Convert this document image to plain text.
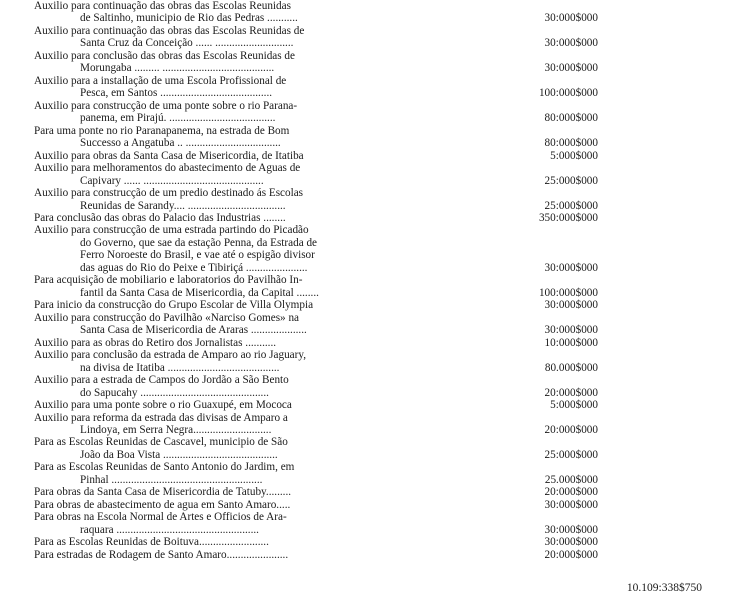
Auxilio para continuação das obras das Escolas Reunidas
de Saltinho, municipio de Rio das Pedras ...........	30:000$000
Auxilio para continuação das obras das Escolas Reunidas de
Santa Cruz da Conceição ...... ............................	30:000$000
Auxilio para conclusão das obras das Escolas Reunidas de
Morungaba ......... ........................................	30:000$000
Auxilio para a installação de uma Escola Profissional de
Pesca, em Santos ........................................	100:000$000
Auxilio para construcção de uma ponte sobre o rio Parana-
panema, em Pirajú. ......................................	80:000$000
Para uma ponte no rio Paranapanema, na estrada de Bom
Successo a Angatuba .. ..................................	80:000$000
Auxilio para obras da Santa Casa de Misericordia, de Itatiba	5:000$000
Auxilio para melhoramentos do abastecimento de Aguas de
Capivary ...... ...........................................	25:000$000
Auxilio para construcção de um predio destinado ás Escolas
Reunidas de Sarandy.... ...................................	25:000$000
Para conclusão das obras do Palacio das Industrias ........	350:000$000
Auxilio para construcção de uma estrada partindo do Picadão
do Governo, que sae da estação Penna, da Estrada de
Ferro Noroeste do Brasil, e vae até o espigão divisor
das aguas do Rio do Peixe e Tibiriçá ......................	30:000$000
Para acquisição de mobiliario e laboratorios do Pavilhão In-
fantil da Santa Casa de Misericordia, da Capital ........	100:000$000
Para inicio da construcção do Grupo Escolar de Villa Olympia	30:000$000
Auxilio para construcção do Pavilhão «Narciso Gomes» na
Santa Casa de Misericordia de Araras ....................	30:000$000
Auxilio para as obras do Retiro dos Jornalistas ...........	10:000$000
Auxilio para conclusão da estrada de Amparo ao rio Jaguary,
na divisa de Itatiba ........................................	80.000$000
Auxilio para a estrada de Campos do Jordão a São Bento
do Sapucahy ..............................................	20:000$000
Auxilio para uma ponte sobre o rio Guaxupé, em Mococa	5:000$000
Auxilio para reforma da estrada das divisas de Amparo a
Lindoya, em Serra Negra............................	20:000$000
Para as Escolas Reunidas de Cascavel, municipio de São
João da Boa Vista .........................................	25:000$000
Para as Escolas Reunidas de Santo Antonio do Jardim, em
Pinhal ......................................................	25.000$000
Para obras da Santa Casa de Misericordia de Tatuby.........	20:000$000
Para obras de abastecimento de agua em Santo Amaro.....	30:000$000
Para obras na Escola Normal de Artes e Officios de Ara-
raquara ...................................................	30:000$000
Para as Escolas Reunidas de Boituva.........................	30:000$000
Para estradas de Rodagem de Santo Amaro......................	20:000$000
10.109:338$750
